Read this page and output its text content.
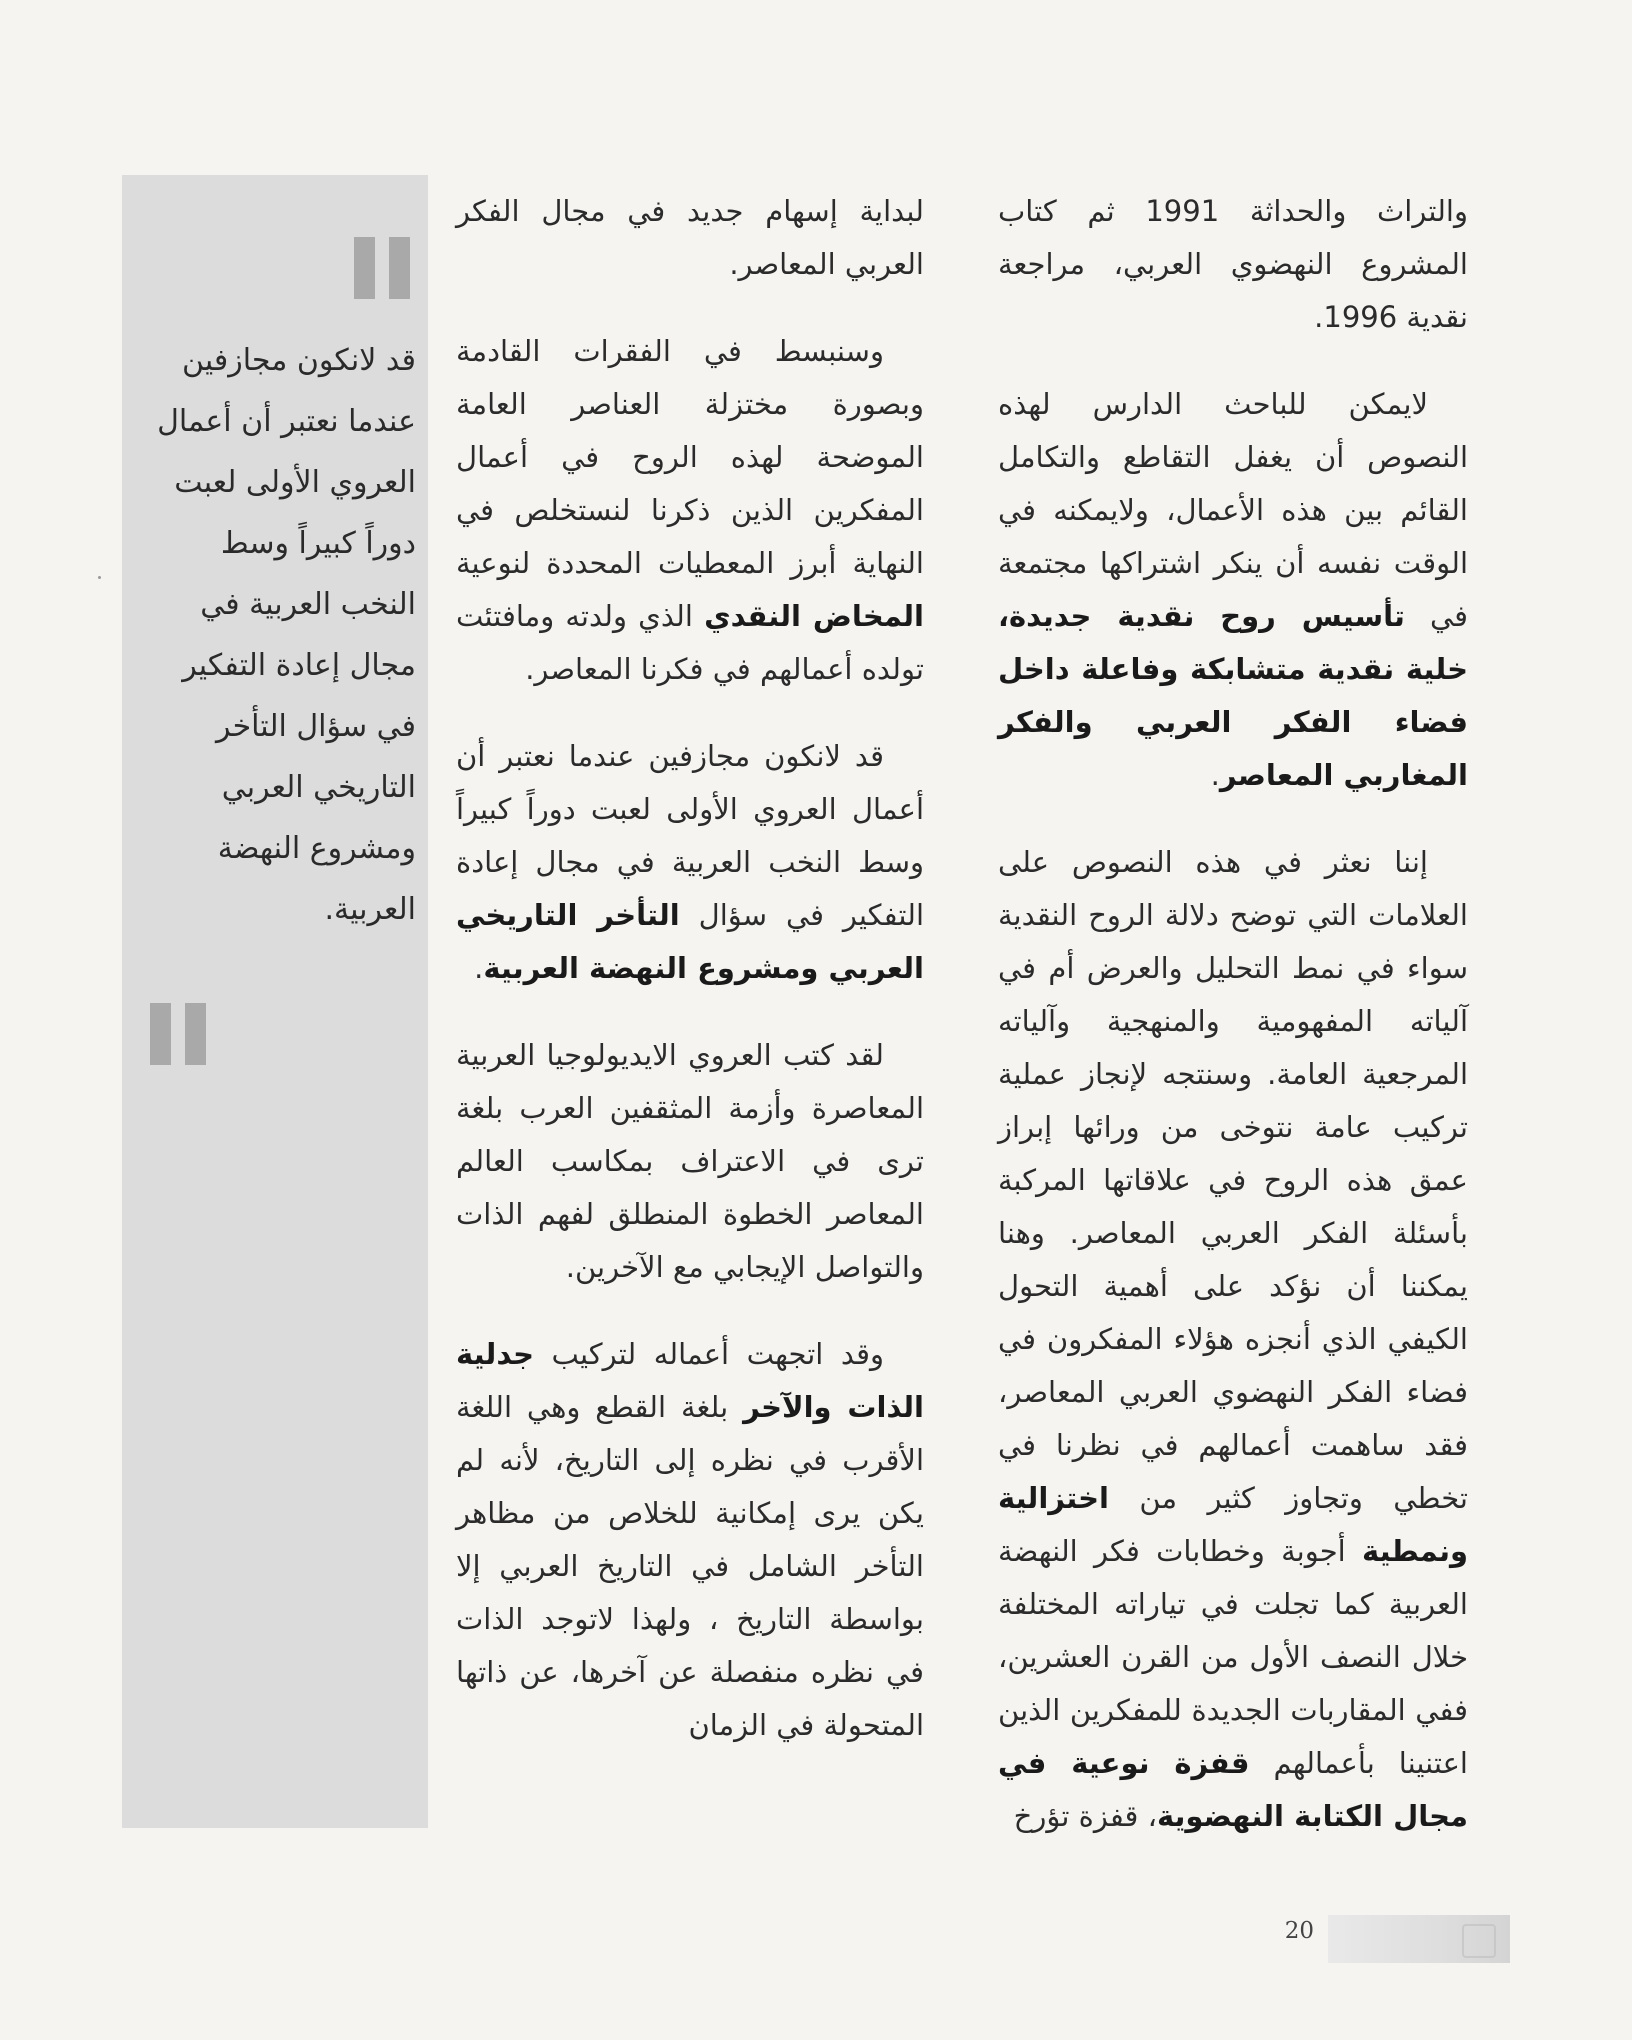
والتراث والحداثة 1991 ثم كتاب المشروع النهضوي العربي، مراجعة نقدية 1996.

لايمكن للباحث الدارس لهذه النصوص أن يغفل التقاطع والتكامل القائم بين هذه الأعمال، ولايمكنه في الوقت نفسه أن ينكر اشتراكها مجتمعة في تأسيس روح نقدية جديدة، خلية نقدية متشابكة وفاعلة داخل فضاء الفكر العربي والفكر المغاربي المعاصر.

إننا نعثر في هذه النصوص على العلامات التي توضح دلالة الروح النقدية سواء في نمط التحليل والعرض أم في آلياته المفهومية والمنهجية وآلياته المرجعية العامة. وسنتجه لإنجاز عملية تركيب عامة نتوخى من ورائها إبراز عمق هذه الروح في علاقاتها المركبة بأسئلة الفكر العربي المعاصر. وهنا يمكننا أن نؤكد على أهمية التحول الكيفي الذي أنجزه هؤلاء المفكرون في فضاء الفكر النهضوي العربي المعاصر، فقد ساهمت أعمالهم في نظرنا في تخطي وتجاوز كثير من اختزالية ونمطية أجوبة وخطابات فكر النهضة العربية كما تجلت في تياراته المختلفة خلال النصف الأول من القرن العشرين، ففي المقاربات الجديدة للمفكرين الذين اعتنينا بأعمالهم قفزة نوعية في مجال الكتابة النهضوية، قفزة تؤرخ

لبداية إسهام جديد في مجال الفكر العربي المعاصر.

وسنبسط في الفقرات القادمة وبصورة مختزلة العناصر العامة الموضحة لهذه الروح في أعمال المفكرين الذين ذكرنا لنستخلص في النهاية أبرز المعطيات المحددة لنوعية المخاض النقدي الذي ولدته ومافتئت تولده أعمالهم في فكرنا المعاصر.

قد لانكون مجازفين عندما نعتبر أن أعمال العروي الأولى لعبت دوراً كبيراً وسط النخب العربية في مجال إعادة التفكير في سؤال التأخر التاريخي العربي ومشروع النهضة العربية.

لقد كتب العروي الايديولوجيا العربية المعاصرة وأزمة المثقفين العرب بلغة ترى في الاعتراف بمكاسب العالم المعاصر الخطوة المنطلق لفهم الذات والتواصل الإيجابي مع الآخرين.

وقد اتجهت أعماله لتركيب جدلية الذات والآخر بلغة القطع وهي اللغة الأقرب في نظره إلى التاريخ، لأنه لم يكن يرى إمكانية للخلاص من مظاهر التأخر الشامل في التاريخ العربي إلا بواسطة التاريخ ، ولهذا لاتوجد الذات في نظره منفصلة عن آخرها، عن ذاتها المتحولة في الزمان

قد لانكون مجازفين عندما نعتبر أن أعمال العروي الأولى لعبت دوراً كبيراً وسط النخب العربية في مجال إعادة التفكير في سؤال التأخر التاريخي العربي ومشروع النهضة العربية.
20
